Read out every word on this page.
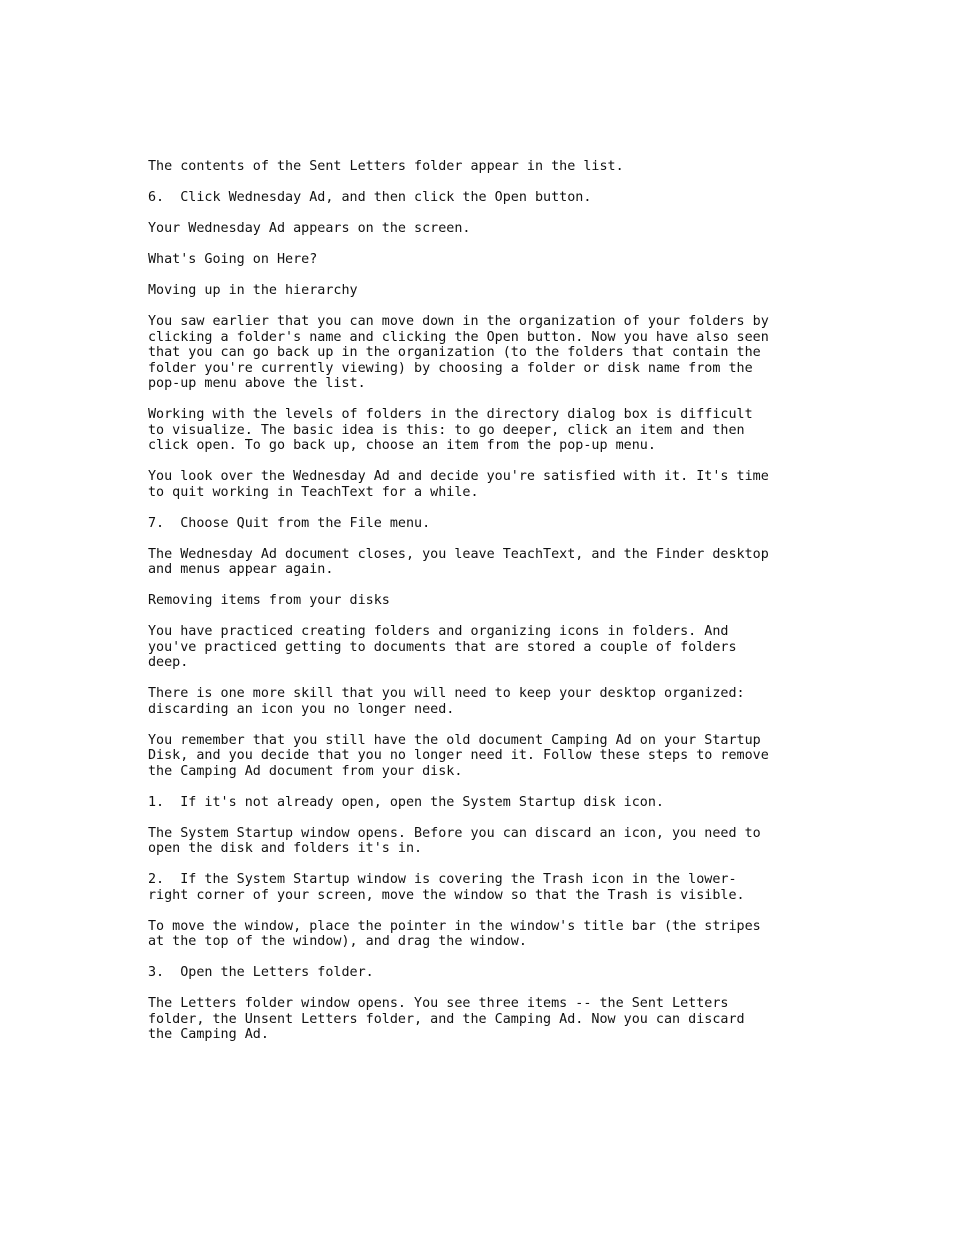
The contents of the Sent Letters folder appear in the list.

6.  Click Wednesday Ad, and then click the Open button.

Your Wednesday Ad appears on the screen.

What's Going on Here?

Moving up in the hierarchy

You saw earlier that you can move down in the organization of your folders by
clicking a folder's name and clicking the Open button. Now you have also seen
that you can go back up in the organization (to the folders that contain the
folder you're currently viewing) by choosing a folder or disk name from the
pop-up menu above the list.

Working with the levels of folders in the directory dialog box is difficult
to visualize. The basic idea is this: to go deeper, click an item and then
click open. To go back up, choose an item from the pop-up menu.

You look over the Wednesday Ad and decide you're satisfied with it. It's time
to quit working in TeachText for a while.

7.  Choose Quit from the File menu.

The Wednesday Ad document closes, you leave TeachText, and the Finder desktop
and menus appear again.

Removing items from your disks

You have practiced creating folders and organizing icons in folders. And
you've practiced getting to documents that are stored a couple of folders
deep.

There is one more skill that you will need to keep your desktop organized:
discarding an icon you no longer need.

You remember that you still have the old document Camping Ad on your Startup
Disk, and you decide that you no longer need it. Follow these steps to remove
the Camping Ad document from your disk.

1.  If it's not already open, open the System Startup disk icon.

The System Startup window opens. Before you can discard an icon, you need to
open the disk and folders it's in.

2.  If the System Startup window is covering the Trash icon in the lower-
right corner of your screen, move the window so that the Trash is visible.

To move the window, place the pointer in the window's title bar (the stripes
at the top of the window), and drag the window.

3.  Open the Letters folder.

The Letters folder window opens. You see three items -- the Sent Letters
folder, the Unsent Letters folder, and the Camping Ad. Now you can discard
the Camping Ad.
